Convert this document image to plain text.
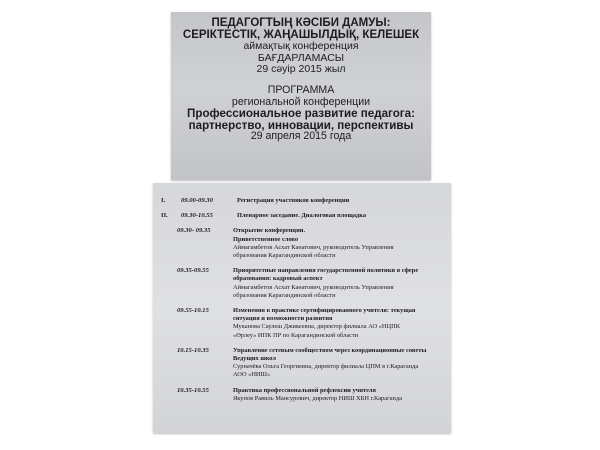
ПЕДАГОГТЫҢ КӘСІБИ ДАМУЫ:
СЕРІКТЕСТІК, ЖАҢАШЫЛДЫҚ, КЕЛЕШЕК
аймақтық конференция
БАҒДАРЛАМАСЫ
29 сәуір 2015 жыл
ПРОГРАММА
региональной конференции
Профессиональное развитие педагога:
партнерство, инновации, перспективы
29 апреля 2015 года
I.	09.00-09.30	Регистрация участников конференции
II.	09.30-10.55	Пленарное заседание. Диалоговая площадка
09.30- 09.35	Открытие конференции.
Приветственное слово
Аймагамбетов Асхат Канатович, руководитель Управления
образования Карагандинской области
09.35-09.55	Приоритетные направления государственной политики в сфере образования: кадровый аспект
Аймагамбетов Асхат Канатович, руководитель Управления
образования Карагандинской области
09.55-10.15	Изменения в практике сертифицированного учителя: текущая ситуация и возможности развития
Муканова Саулеш Джикеевна, директор филиала АО «НЦПК
«Өрлеу» ИПК ПР по Карагандинской области
10.15-10.35	Управление сетевым сообществом через координационные советы Ведущих школ
Сурначёва Ольга Георгиевна, директор филиала ЦПМ в г.Караганда
АОО «НИШ»
10.35-10.55	Практика профессиональной рефлексии учителя
Якупов Равиль Мансурович, директор НИШ ХБН г.Караганда
